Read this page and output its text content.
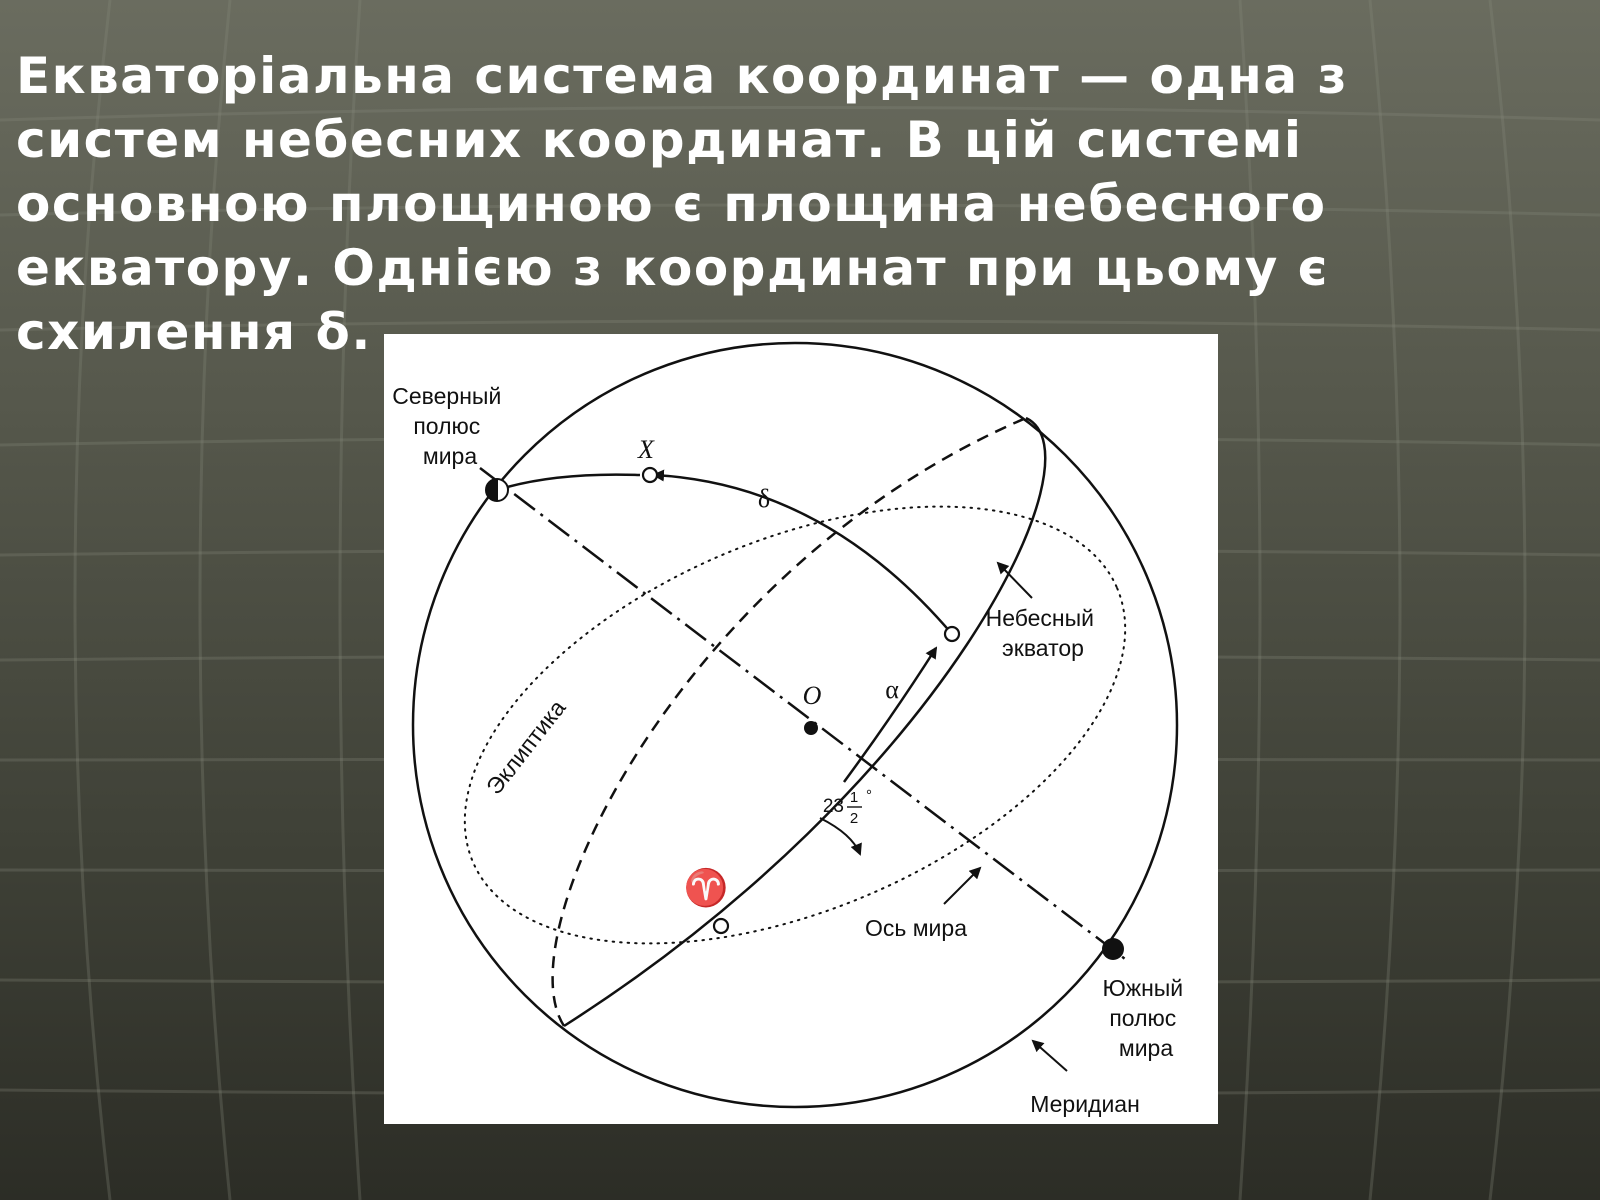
Екваторіальна система координат — одна з систем небесних координат. В цій системі основною площиною є площина небесного екватору. Однією з координат при цьому є схилення δ.

Северный полюс мира	X
δ
Небесный экватор
α
O
Эклиптика
23 1
2
°
♈
Ось мира
Южный полюс мира
Меридиан
